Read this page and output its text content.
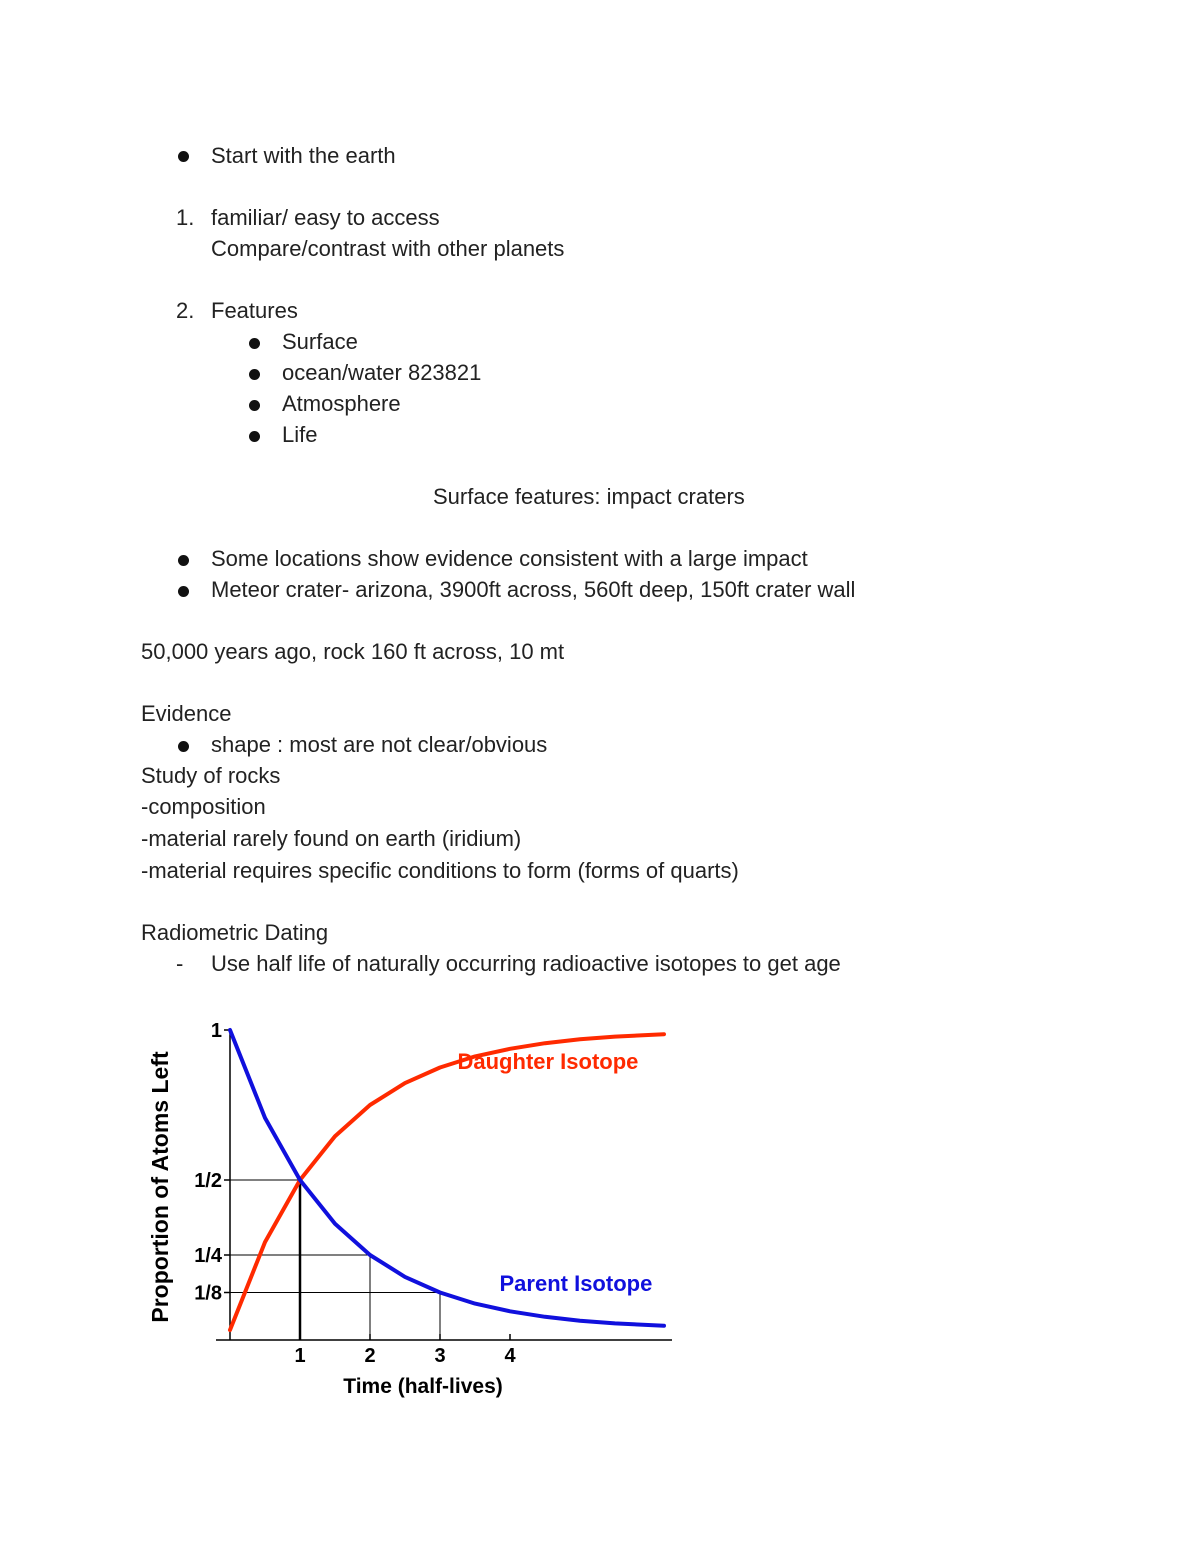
Start with the earth
1. familiar/ easy to access
Compare/contrast with other planets
2. Features
Surface
ocean/water 823821
Atmosphere
Life
Surface features: impact craters
Some locations show evidence consistent with a large impact
Meteor crater- arizona, 3900ft across, 560ft deep, 150ft crater wall
50,000 years ago, rock 160 ft across, 10 mt
Evidence
shape : most are not clear/obvious
Study of rocks
-composition
-material rarely found on earth (iridium)
-material requires specific conditions to form (forms of quarts)
Radiometric Dating
- Use half life of naturally occurring radioactive isotopes to get age
1
1/2
1/4
1/8
1	2	3	4
Daughter Isotope
Parent Isotope
Time (half-lives)
Proportion of Atoms Left
